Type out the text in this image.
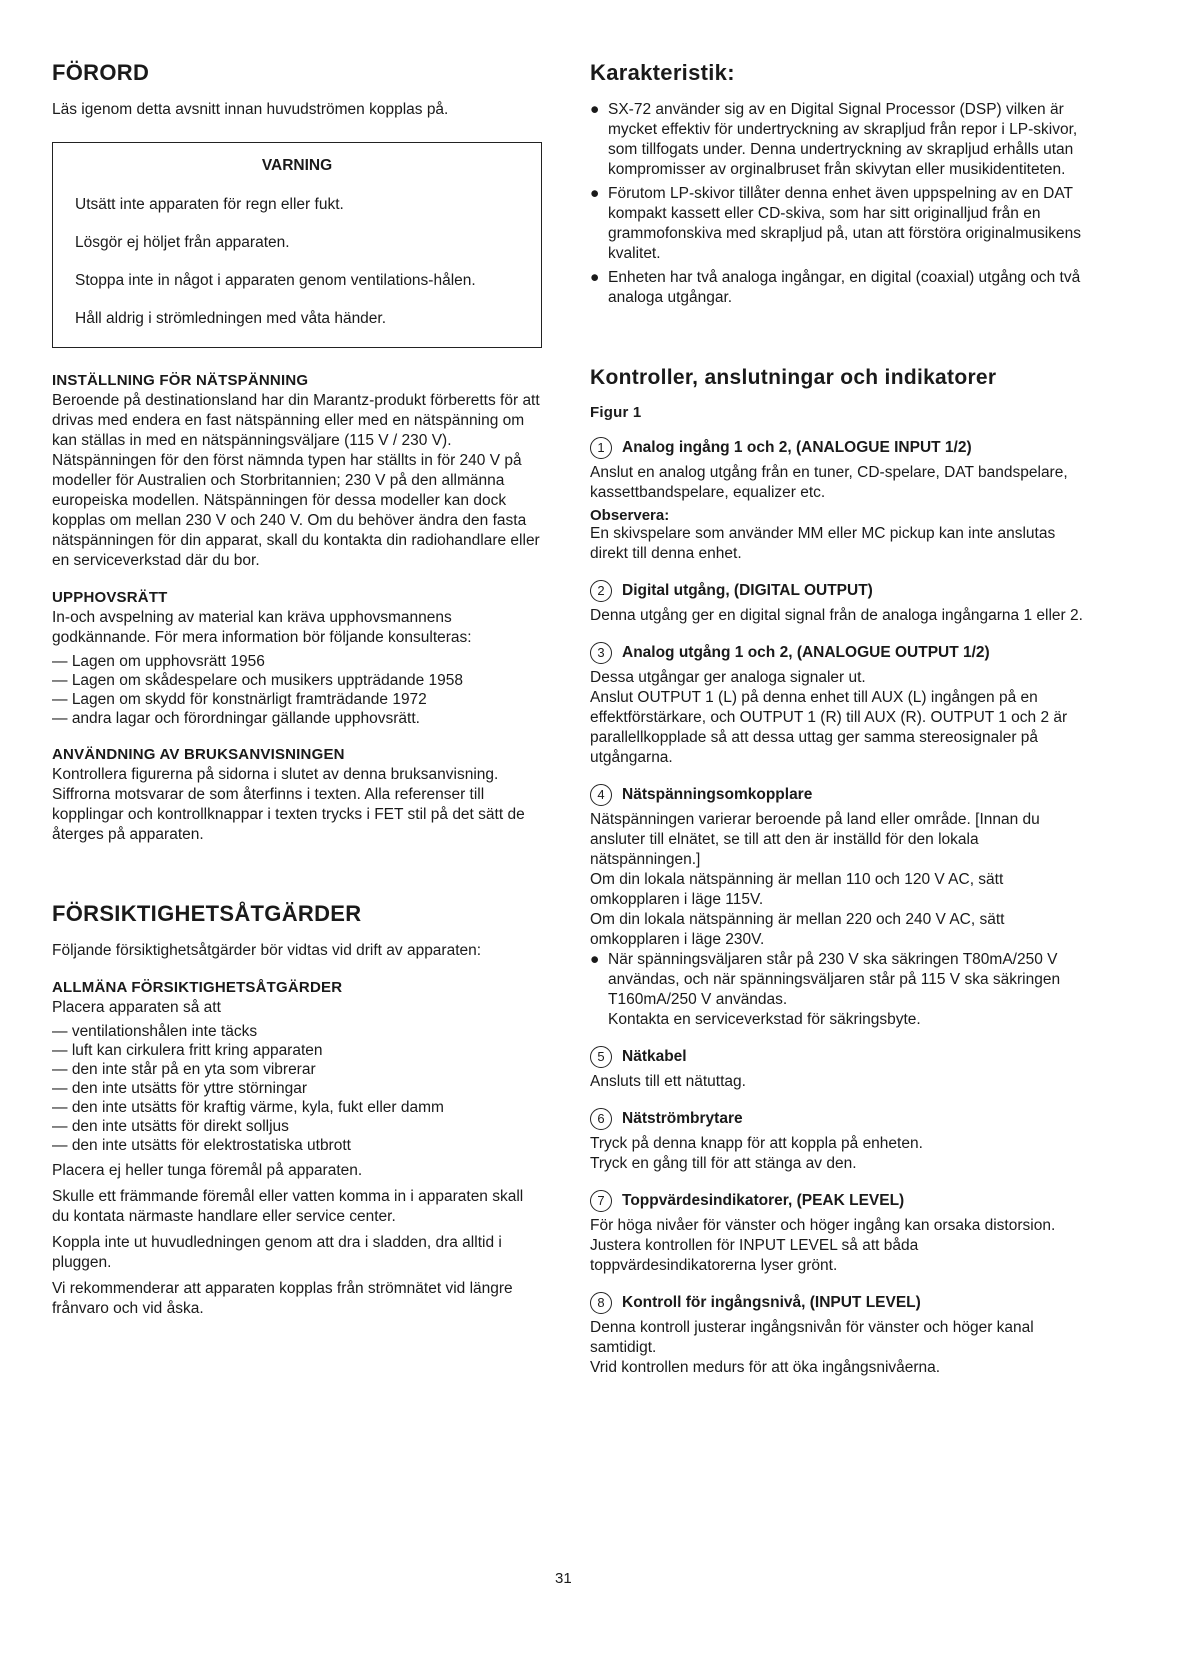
FÖRORD

Läs igenom detta avsnitt innan huvudströmen kopplas på.

VARNING

Utsätt inte apparaten för regn eller fukt.

Lösgör ej höljet från apparaten.

Stoppa inte in något i apparaten genom ventilations-hålen.

Håll aldrig i strömledningen med våta händer.

INSTÄLLNING FÖR NÄTSPÄNNING

Beroende på destinationsland har din Marantz-produkt förberetts för att drivas med endera en fast nätspänning eller med en nätspänning om kan ställas in med en nätspänningsväljare (115 V / 230 V).

Nätspänningen för den först nämnda typen har ställts in för 240 V på modeller för Australien och Storbritannien; 230 V på den allmänna europeiska modellen. Nätspänningen för dessa modeller kan dock kopplas om mellan 230 V och 240 V. Om du behöver ändra den fasta nätspänningen för din apparat, skall du kontakta din radiohandlare eller en serviceverkstad där du bor.

UPPHOVSRÄTT

In-och avspelning av material kan kräva upphovsmannens godkännande. För mera information bör följande konsulteras:

— Lagen om upphovsrätt 1956
— Lagen om skådespelare och musikers uppträdande 1958
— Lagen om skydd för konstnärligt framträdande 1972
— andra lagar och förordningar gällande upphovsrätt.
ANVÄNDNING AV BRUKSANVISNINGEN

Kontrollera figurerna på sidorna i slutet av denna bruksanvisning. Siffrorna motsvarar de som återfinns i texten. Alla referenser till kopplingar och kontrollknappar i texten trycks i FET stil på det sätt de återges på apparaten.

FÖRSIKTIGHETSÅTGÄRDER

Följande försiktighetsåtgärder bör vidtas vid drift av apparaten:

ALLMÄNA FÖRSIKTIGHETSÅTGÄRDER

Placera apparaten så att

— ventilationshålen inte täcks
— luft kan cirkulera fritt kring apparaten
— den inte står på en yta som vibrerar
— den inte utsätts för yttre störningar
— den inte utsätts för kraftig värme, kyla, fukt eller damm
— den inte utsätts för direkt solljus
— den inte utsätts för elektrostatiska utbrott

Placera ej heller tunga föremål på apparaten.

Skulle ett främmande föremål eller vatten komma in i apparaten skall du kontata närmaste handlare eller service center.

Koppla inte ut huvudledningen genom att dra i sladden, dra alltid i pluggen.

Vi rekommenderar att apparaten kopplas från strömnätet vid längre frånvaro och vid åska.

Karakteristik:
● SX-72 använder sig av en Digital Signal Processor (DSP) vilken är mycket effektiv för undertryckning av skrapljud från repor i LP-skivor, som tillfogats under. Denna undertryckning av skrapljud erhålls utan kompromisser av orginalbruset från skivytan eller musikidentiteten.
● Förutom LP-skivor tillåter denna enhet även uppspelning av en DAT kompakt kassett eller CD-skiva, som har sitt originalljud från en grammofonskiva med skrapljud på, utan att förstöra originalmusikens kvalitet.
● Enheten har två analoga ingångar, en digital (coaxial) utgång och två analoga utgångar.
Kontroller, anslutningar och indikatorer
Figur 1
1	Analog ingång 1 och 2, (ANALOGUE INPUT 1/2)

Anslut en analog utgång från en tuner, CD-spelare, DAT bandspelare, kassettbandspelare, equalizer etc.

Observera:

En skivspelare som använder MM eller MC pickup kan inte anslutas direkt till denna enhet.

2	Digital utgång, (DIGITAL OUTPUT)

Denna utgång ger en digital signal från de analoga ingångarna 1 eller 2.

3	Analog utgång 1 och 2, (ANALOGUE OUTPUT 1/2)

Dessa utgångar ger analoga signaler ut.

Anslut OUTPUT 1 (L) på denna enhet till AUX (L) ingången på en effektförstärkare, och OUTPUT 1 (R) till AUX (R). OUTPUT 1 och 2 är parallellkopplade så att dessa uttag ger samma stereosignaler på utgångarna.

4	Nätspänningsomkopplare

Nätspänningen varierar beroende på land eller område. [Innan du ansluter till elnätet, se till att den är inställd för den lokala nätspänningen.]

Om din lokala nätspänning är mellan 110 och 120 V AC, sätt omkopplaren i läge 115V.

Om din lokala nätspänning är mellan 220 och 240 V AC, sätt omkopplaren i läge 230V.

● När spänningsväljaren står på 230 V ska säkringen T80mA/250 V användas, och när spänningsväljaren står på 115 V ska säkringen T160mA/250 V användas.
Kontakta en serviceverkstad för säkringsbyte.
5	Nätkabel

Ansluts till ett nätuttag.

6	Nätströmbrytare

Tryck på denna knapp för att koppla på enheten.

Tryck en gång till för att stänga av den.

7	Toppvärdesindikatorer, (PEAK LEVEL)

För höga nivåer för vänster och höger ingång kan orsaka distorsion. Justera kontrollen för INPUT LEVEL så att båda toppvärdesindikatorerna lyser grönt.

8	Kontroll för ingångsnivå, (INPUT LEVEL)

Denna kontroll justerar ingångsnivån för vänster och höger kanal samtidigt.

Vrid kontrollen medurs för att öka ingångsnivåerna.

31
